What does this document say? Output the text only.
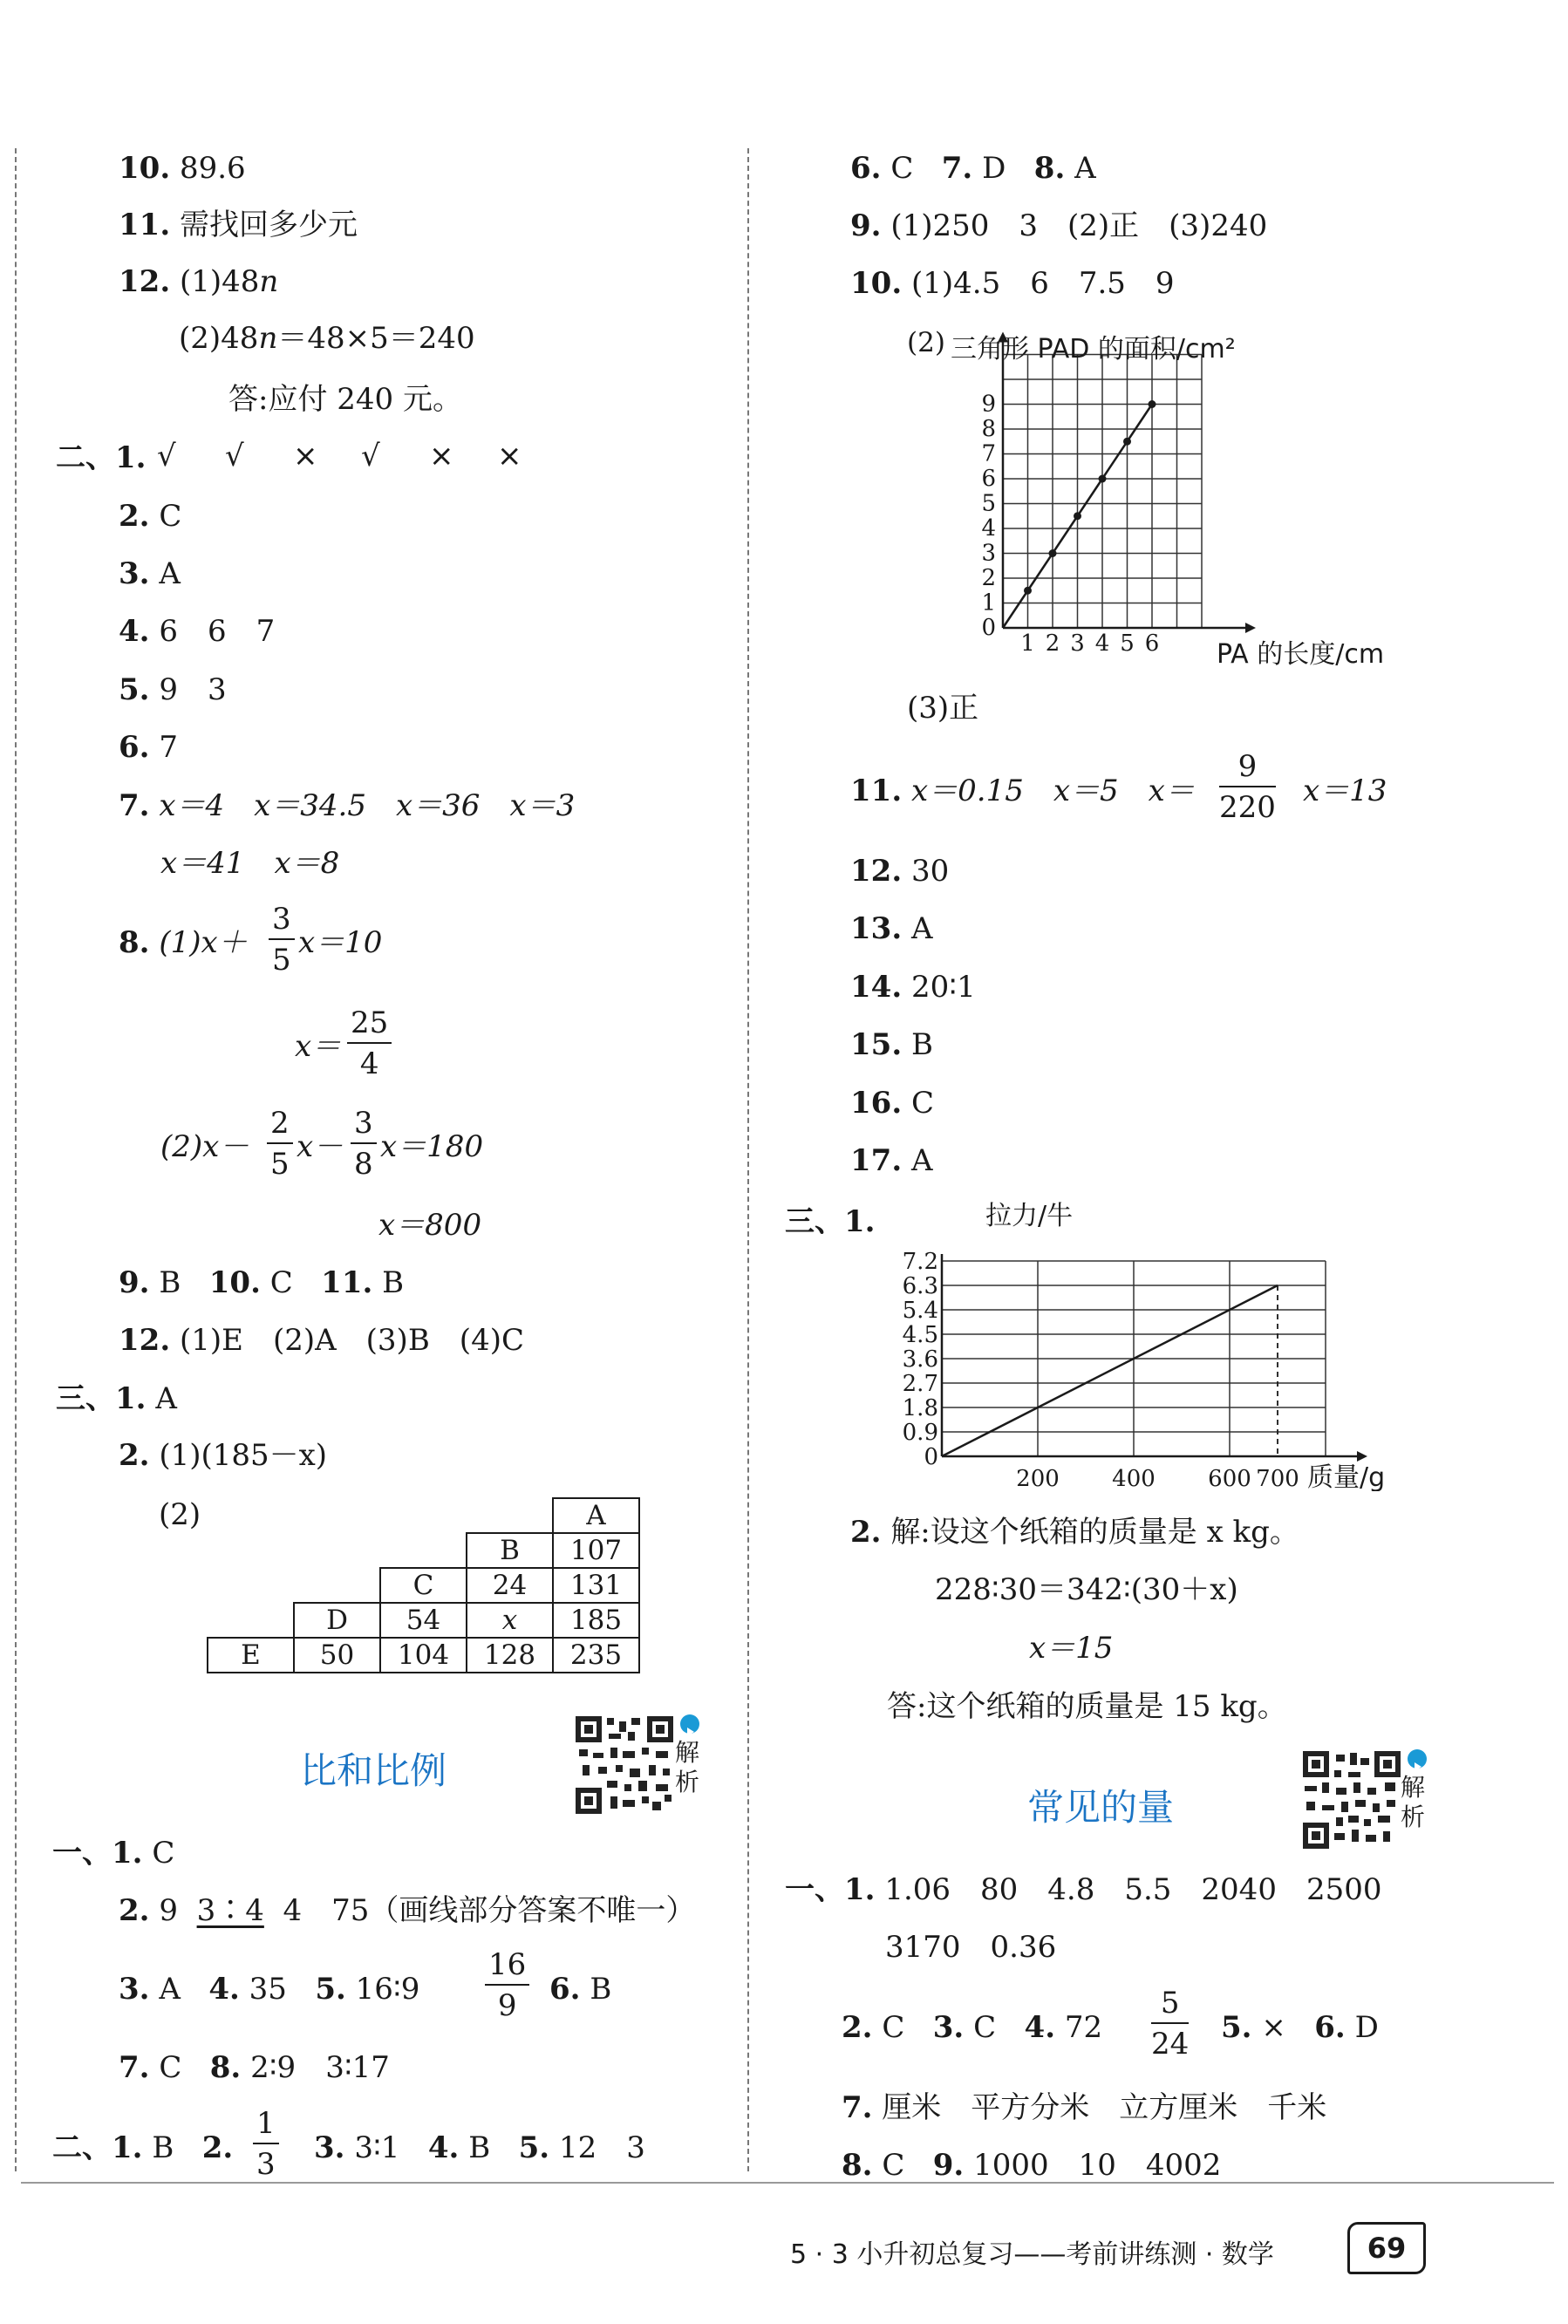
10. 89.6
11. 需找回多少元
12. (1)48n
(2)48n＝48×5＝240
答:应付 240 元。
二、1. √ √ × √ × ×
2. C
3. A
4. 6　6　7
5. 9　3
6. 7
7. x＝4　x＝34.5　x＝36　x＝3
x＝41　x＝8
8. $(1)x+ \frac{3}{5} x=10$
$x= \frac{25}{4}$
$(2)x- \frac{2}{5} x- \frac{3}{8} x=180$
x＝800
9. B 10. C 11. B
12. (1)E　(2)A　(3)B　(4)C
三、1. A
2. (1)(185－x)
(2)
					A
			B	107
		C	24	131
	D	54	x	185
E	50	104	128	235
比和比例	解
析
一、1. C
2. 9 3∶4 4　75（画线部分答案不唯一）
3. A 4. 35 5. 16∶9 $\frac{16}{9} 6$. B
7. C 8. 2∶9　3∶17
二、1. B 2. $\frac{1}{3} 3$. 3∶1 4. B 5. 12　3
6. C 7. D 8. A
9. (1)250　3　(2)正　(3)240
10. (1)4.5　6　7.5　9
(2)
0
1
2
3
4
5
6
7
8
9
1 2 3 4 5 6
三角形 PAD 的面积/cm²
PA 的长度/cm
(3)正
11. x＝0.15　x＝5　$x= \frac{9}{220} x=13$
12. 30
13. A
14. 20∶1
15. B
16. C
17. A
三、1.
0
0.9
1.8
2.7
3.6
4.5
5.4
6.3
7.2
200 400 600 700
拉力/牛
质量/g
2. 解:设这个纸箱的质量是 x kg。
228∶30＝342∶(30＋x)
x＝15
答:这个纸箱的质量是 15 kg。
常见的量	解
析
一、1. 1.06　80　4.8　5.5　2040　2500
3170　0.36
2. C 3. C 4. $72 \frac{5}{24} 5$. × 6. D
7. 厘米　平方分米　立方厘米　千米
8. C 9. 1000　10　4002
5 · 3 小升初总复习——考前讲练测 · 数学	69
